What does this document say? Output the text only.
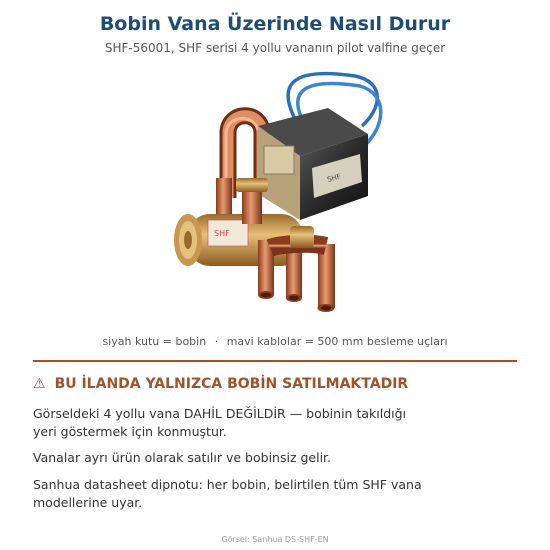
Bobin Vana Üzerinde Nasıl Durur
SHF-56001, SHF serisi 4 yollu vananın pilot valfine geçer
SHF
SHF
siyah kutu = bobin · mavi kablolar = 500 mm besleme uçları
⚠ BU İLANDA YALNIZCA BOBİN SATILMAKTADIR
Görseldeki 4 yollu vana DAHİL DEĞİLDİR — bobinin takıldığı yeri göstermek için konmuştur.
Vanalar ayrı ürün olarak satılır ve bobinsiz gelir.
Sanhua datasheet dipnotu: her bobin, belirtilen tüm SHF vana modellerine uyar.
Görsel: Sanhua DS-SHF-EN
